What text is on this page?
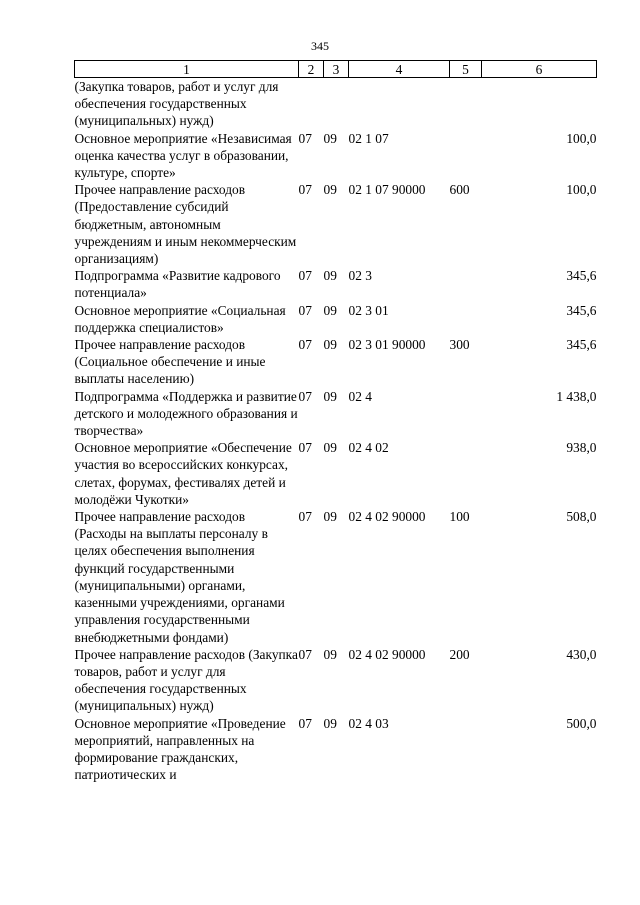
345
1	2	3	4	5	6
(Закупка товаров, работ и услуг для обеспечения государственных (муниципальных) нужд)					
Основное мероприятие «Независимая оценка качества услуг в образовании, культуре, спорте»	07	09	02 1 07		100,0
Прочее направление расходов (Предоставление субсидий бюджетным, автономным учреждениям и иным некоммерческим организациям)	07	09	02 1 07 90000	600	100,0
Подпрограмма «Развитие кадрового потенциала»	07	09	02 3		345,6
Основное мероприятие «Социальная поддержка специалистов»	07	09	02 3 01		345,6
Прочее направление расходов (Социальное обеспечение и иные выплаты населению)	07	09	02 3 01 90000	300	345,6
Подпрограмма «Поддержка и развитие детского и молодежного образования и творчества»	07	09	02 4		1 438,0
Основное мероприятие «Обеспечение участия во всероссийских конкурсах, слетах, форумах, фестивалях детей и молодёжи Чукотки»	07	09	02 4 02		938,0
Прочее направление расходов (Расходы на выплаты персоналу в целях обеспечения выполнения функций государственными (муниципальными) органами, казенными учреждениями, органами управления государственными внебюджетными фондами)	07	09	02 4 02 90000	100	508,0
Прочее направление расходов (Закупка товаров, работ и услуг для обеспечения государственных (муниципальных) нужд)	07	09	02 4 02 90000	200	430,0
Основное мероприятие «Проведение мероприятий, направленных на формирование гражданских, патриотических и	07	09	02 4 03		500,0
